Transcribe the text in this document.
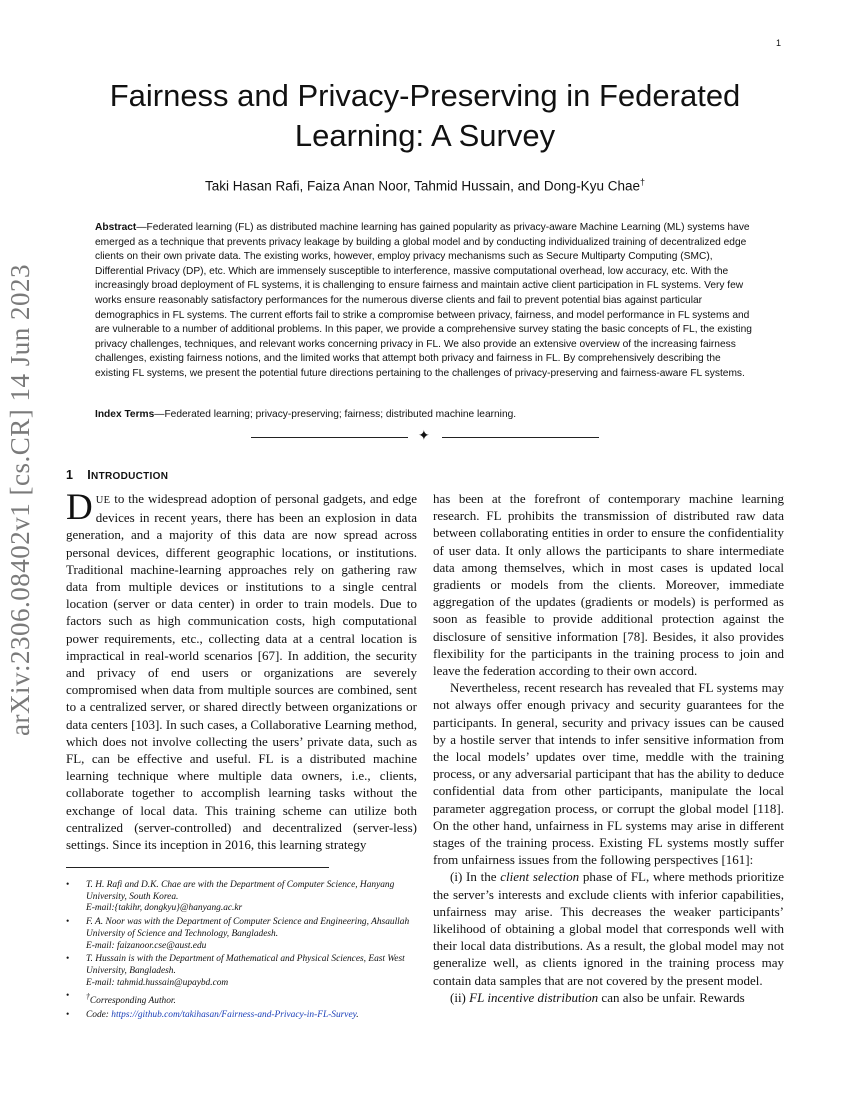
1
arXiv:2306.08402v1 [cs.CR] 14 Jun 2023
Fairness and Privacy-Preserving in Federated Learning: A Survey
Taki Hasan Rafi, Faiza Anan Noor, Tahmid Hussain, and Dong-Kyu Chae†
Abstract—Federated learning (FL) as distributed machine learning has gained popularity as privacy-aware Machine Learning (ML) systems have emerged as a technique that prevents privacy leakage by building a global model and by conducting individualized training of decentralized edge clients on their own private data. The existing works, however, employ privacy mechanisms such as Secure Multiparty Computing (SMC), Differential Privacy (DP), etc. Which are immensely susceptible to interference, massive computational overhead, low accuracy, etc. With the increasingly broad deployment of FL systems, it is challenging to ensure fairness and maintain active client participation in FL systems. Very few works ensure reasonably satisfactory performances for the numerous diverse clients and fail to prevent potential bias against particular demographics in FL systems. The current efforts fail to strike a compromise between privacy, fairness, and model performance in FL systems and are vulnerable to a number of additional problems. In this paper, we provide a comprehensive survey stating the basic concepts of FL, the existing privacy challenges, techniques, and relevant works concerning privacy in FL. We also provide an extensive overview of the increasing fairness challenges, existing fairness notions, and the limited works that attempt both privacy and fairness in FL. By comprehensively describing the existing FL systems, we present the potential future directions pertaining to the challenges of privacy-preserving and fairness-aware FL systems.
Index Terms—Federated learning; privacy-preserving; fairness; distributed machine learning.
✦
1 INTRODUCTION

DUE to the widespread adoption of personal gadgets, and edge devices in recent years, there has been an explosion in data generation, and a majority of this data are now spread across personal devices, different geographic locations, or institutions. Traditional machine-learning approaches rely on gathering raw data from multiple devices or institutions to a single central location (server or data center) in order to train models. Due to factors such as high communication costs, high computational power requirements, etc., collecting data at a central location is impractical in real-world scenarios [67]. In addition, the security and privacy of end users or organizations are severely compromised when data from multiple sources are combined, sent to a centralized server, or shared directly between organizations or data centers [103]. In such cases, a Collaborative Learning method, which does not involve collecting the users’ private data, such as FL, can be effective and useful. FL is a distributed machine learning technique where multiple data owners, i.e., clients, collaborate together to accomplish learning tasks without the exchange of local data. This training scheme can utilize both centralized (server-controlled) and decentralized (server-less) settings. Since its inception in 2016, this learning strategy

has been at the forefront of contemporary machine learning research. FL prohibits the transmission of distributed raw data between collaborating entities in order to ensure the confidentiality of user data. It only allows the participants to share intermediate data among themselves, which in most cases is updated local gradients or models from the clients. Moreover, immediate aggregation of the updates (gradients or models) is performed as soon as feasible to provide additional protection against the disclosure of sensitive information [78]. Besides, it also provides flexibility for the participants in the training process to join and leave the federation according to their own accord.

Nevertheless, recent research has revealed that FL systems may not always offer enough privacy and security guarantees for the participants. In general, security and privacy issues can be caused by a hostile server that intends to infer sensitive information from the local models’ updates over time, meddle with the training process, or any adversarial participant that has the ability to deduce confidential data from other participants, manipulate the local parameter aggregation process, or corrupt the global model [118]. On the other hand, unfairness in FL systems may arise in different stages of the training process. Existing FL systems mostly suffer from unfairness issues from the following perspectives [161]:

(i) In the client selection phase of FL, where methods prioritize the server’s interests and exclude clients with inferior capabilities, unfairness may arise. This decreases the weaker participants’ likelihood of obtaining a global model that corresponds well with their local data distributions. As a result, the global model may not generalize well, as clients ignored in the training process may contain data samples that are not covered by the present model.

(ii) FL incentive distribution can also be unfair. Rewards

• T. H. Rafi and D.K. Chae are with the Department of Computer Science, Hanyang University, South Korea.
E-mail:{takihr, dongkyu}@hanyang.ac.kr
• F. A. Noor was with the Department of Computer Science and Engineering, Ahsaullah University of Science and Technology, Bangladesh.
E-mail: faizanoor.cse@aust.edu
• T. Hussain is with the Department of Mathematical and Physical Sciences, East West University, Bangladesh.
E-mail: tahmid.hussain@upaybd.com
• †Corresponding Author.
• Code: https://github.com/takihasan/Fairness-and-Privacy-in-FL-Survey.
